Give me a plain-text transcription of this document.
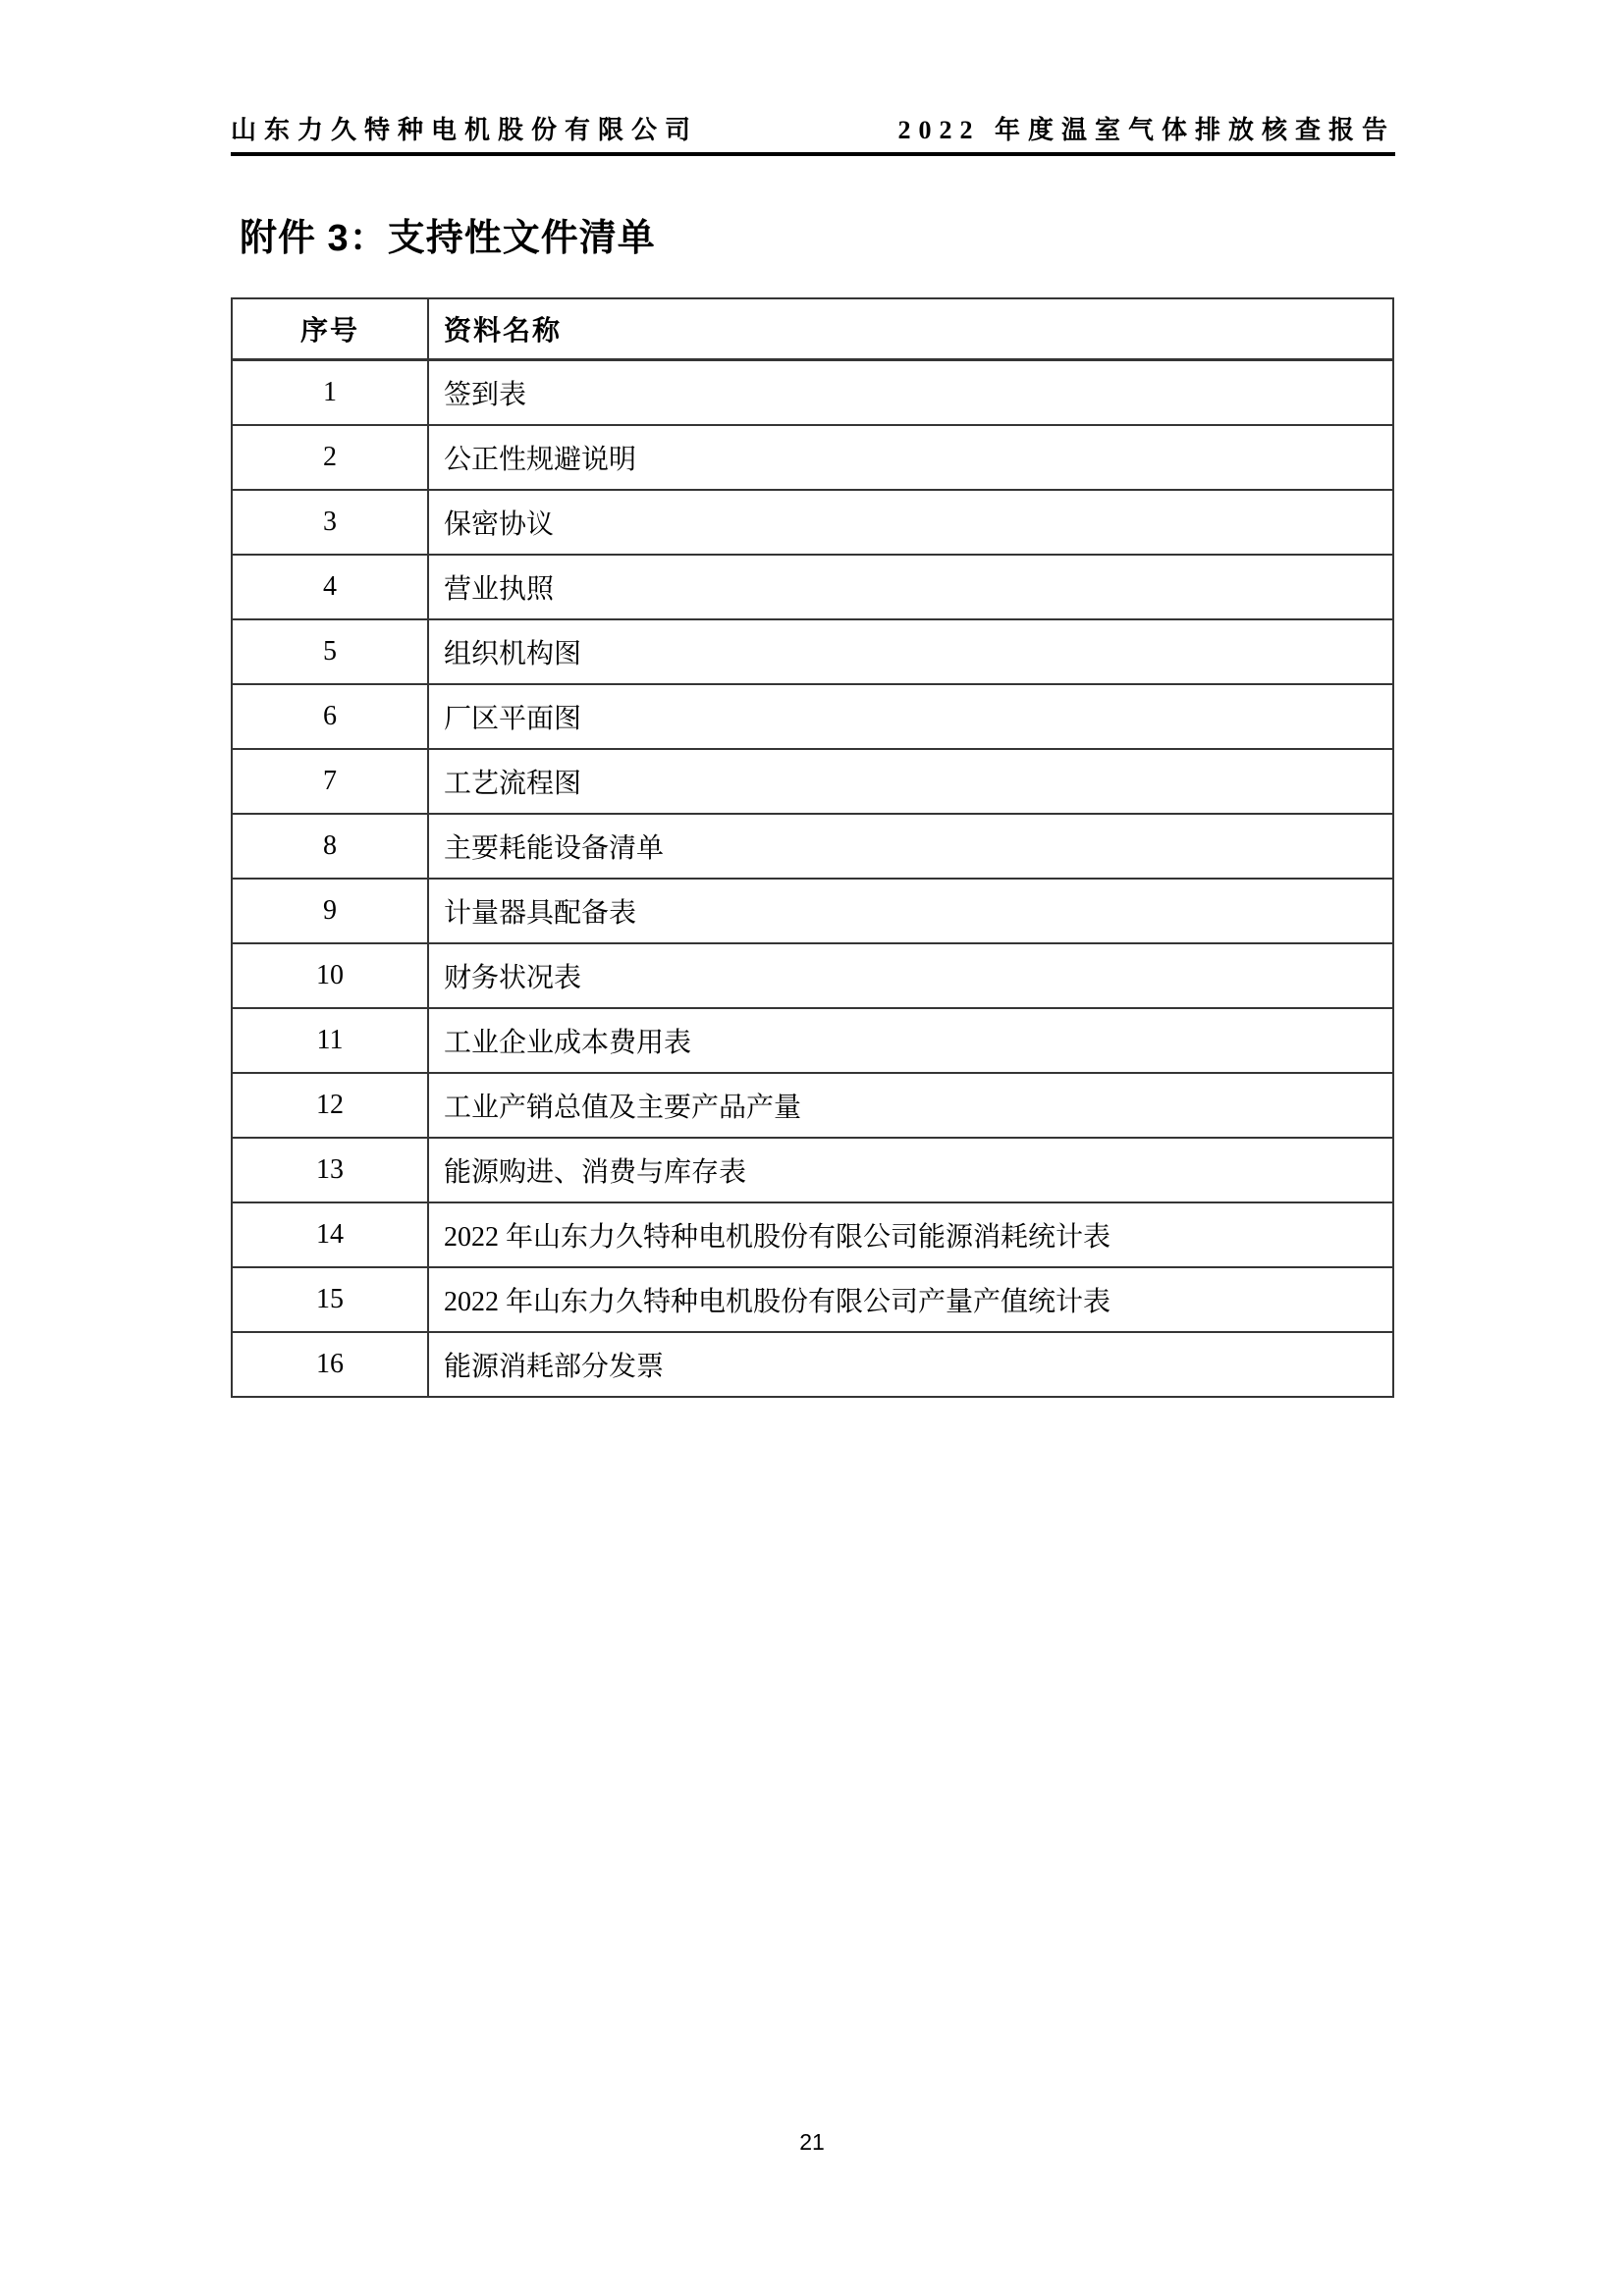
山东力久特种电机股份有限公司	2022 年度温室气体排放核查报告
附件 3：支持性文件清单
序号	资料名称
1	签到表
2	公正性规避说明
3	保密协议
4	营业执照
5	组织机构图
6	厂区平面图
7	工艺流程图
8	主要耗能设备清单
9	计量器具配备表
10	财务状况表
11	工业企业成本费用表
12	工业产销总值及主要产品产量
13	能源购进、消费与库存表
14	2022 年山东力久特种电机股份有限公司能源消耗统计表
15	2022 年山东力久特种电机股份有限公司产量产值统计表
16	能源消耗部分发票
21
